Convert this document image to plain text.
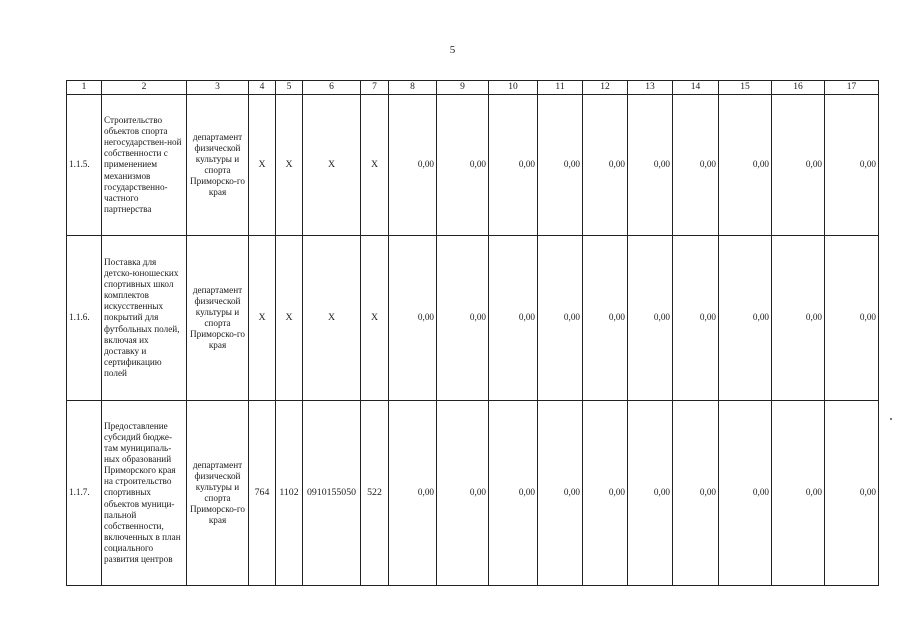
5
1	2	3	4	5	6	7	8	9	10	11	12	13	14	15	16	17
1.1.5.	Строительство объектов спорта негосударствен-ной собственности с применением механизмов государственно-частного партнерства	департамент физической культуры и спорта Приморско-го края	X	X	X	X	0,00	0,00	0,00	0,00	0,00	0,00	0,00	0,00	0,00	0,00
1.1.6.	Поставка для детско-юношеских спортивных школ комплектов искусственных покрытий для футбольных полей, включая их доставку и сертификацию полей	департамент физической культуры и спорта Приморско-го края	X	X	X	X	0,00	0,00	0,00	0,00	0,00	0,00	0,00	0,00	0,00	0,00
1.1.7.	Предоставление субсидий бюдже-там муниципаль-ных образований Приморского края на строительство спортивных объектов муници-пальной собственности, включенных в план социального развития центров	департамент физической культуры и спорта Приморско-го края	764	1102	0910155050	522	0,00	0,00	0,00	0,00	0,00	0,00	0,00	0,00	0,00	0,00
